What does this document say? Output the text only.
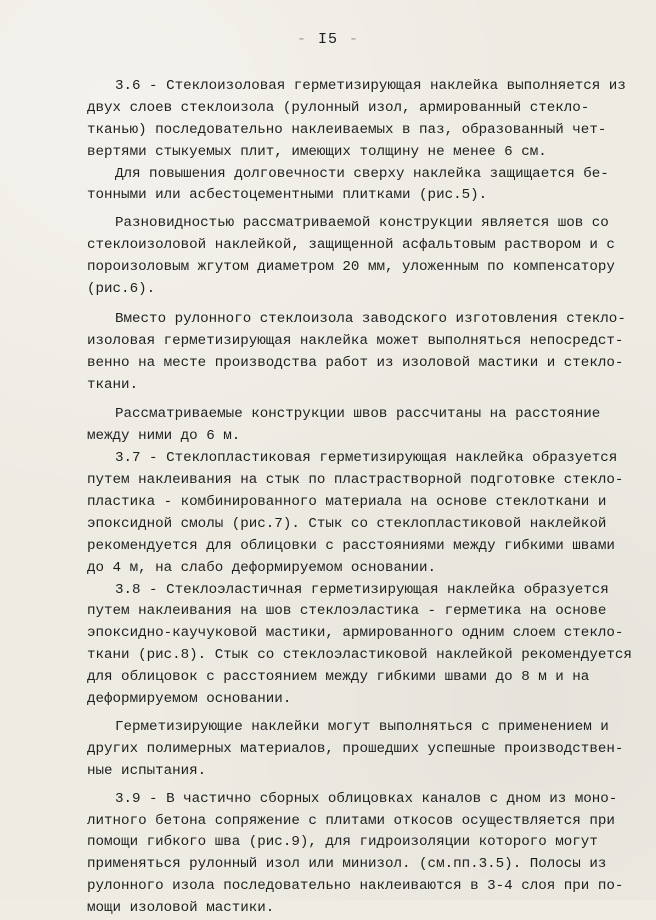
- I5 -
3.6 - Стеклоизоловая герметизирующая наклейка выполняется из
двух слоев стеклоизола (рулонный изол, армированный стекло-
тканью) последовательно наклеиваемых в паз, образованный чет-
вертями стыкуемых плит, имеющих толщину не менее 6 см.
Для повышения долговечности сверху наклейка защищается бе-
тонными или асбестоцементными плитками (рис.5).
Разновидностью рассматриваемой конструкции является шов со
стеклоизоловой наклейкой, защищенной асфальтовым раствором и с
пороизоловым жгутом диаметром 20 мм, уложенным по компенсатору
(рис.6).
Вместо рулонного стеклоизола заводского изготовления стекло-
изоловая герметизирующая наклейка может выполняться непосредст-
венно на месте производства работ из изоловой мастики и стекло-
ткани.
Рассматриваемые конструкции швов рассчитаны на расстояние
между ними до 6 м.
3.7 - Стеклопластиковая герметизирующая наклейка образуется
путем наклеивания на стык по пластраствoрной подготовке стекло-
пластика - комбинированного материала на основе стеклоткани и
эпоксидной смолы (рис.7). Стык со стеклопластиковой наклейкой
рекомендуется для облицовки с расстояниями между гибкими швами
до 4 м, на слабо деформируемом основании.
3.8 - Стеклоэластичная герметизирующая наклейка образуется
путем наклеивания на шов стеклоэластика - герметика на основе
эпоксидно-каучуковой мастики, армированного одним слоем стекло-
ткани (рис.8). Стык со стеклоэластиковой наклейкой рекомендуется
для облицовок с расстоянием между гибкими швами до 8 м и на
деформируемом основании.
Герметизирующие наклейки могут выполняться с применением и
других полимерных материалов, прошедших успешные производствен-
ные испытания.
3.9 - В частично сборных облицовках каналов с дном из моно-
литного бетона сопряжение с плитами откосов осуществляется при
помощи гибкого шва (рис.9), для гидроизоляции которого могут
применяться рулонный изол или минизол. (см.пп.3.5). Полосы из
рулонного изола последовательно наклеиваются в 3-4 слоя при по-
мощи изоловой мастики.
